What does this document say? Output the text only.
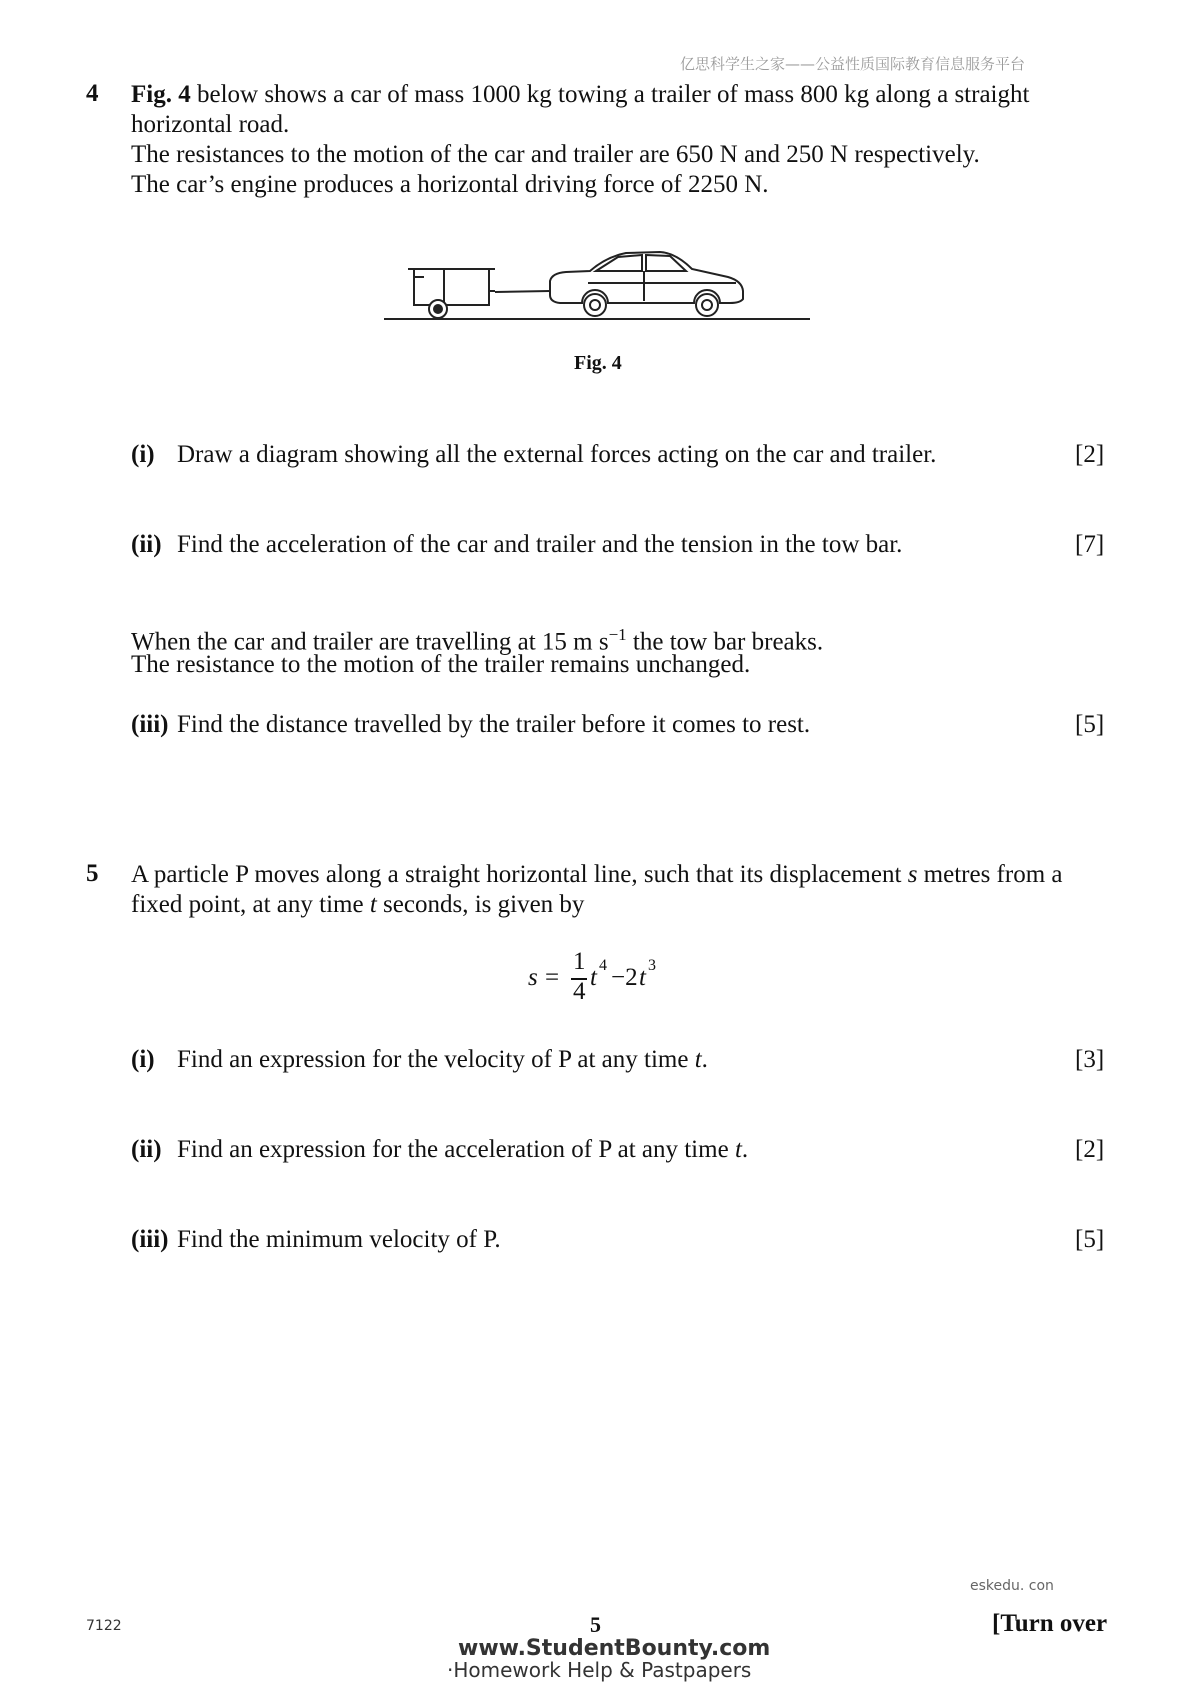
亿思科学生之家——公益性质国际教育信息服务平台
4 Fig. 4 below shows a car of mass 1000 kg towing a trailer of mass 800 kg along a straight
horizontal road.
The resistances to the motion of the car and trailer are 650 N and 250 N respectively.
The car’s engine produces a horizontal driving force of 2250 N.
Fig. 4
(i) Draw a diagram showing all the external forces acting on the car and trailer.	[2]
(ii) Find the acceleration of the car and trailer and the tension in the tow bar.	[7]
When the car and trailer are travelling at 15 m $s^{-1}$ the tow bar breaks.
The resistance to the motion of the trailer remains unchanged.
(iii) Find the distance travelled by the trailer before it comes to rest.	[5]
5 A particle P moves along a straight horizontal line, such that its displacement s metres from a
fixed point, at any time t seconds, is given by
s =
1
4
t 4 −2 t 3
(i) Find an expression for the velocity of P at any time t.	[3]
(ii) Find an expression for the acceleration of P at any time t.	[2]
(iii) Find the minimum velocity of P.	[5]
eskedu. con
7122	5	[Turn over
www.StudentBounty.com
·Homework Help & Pastpapers
